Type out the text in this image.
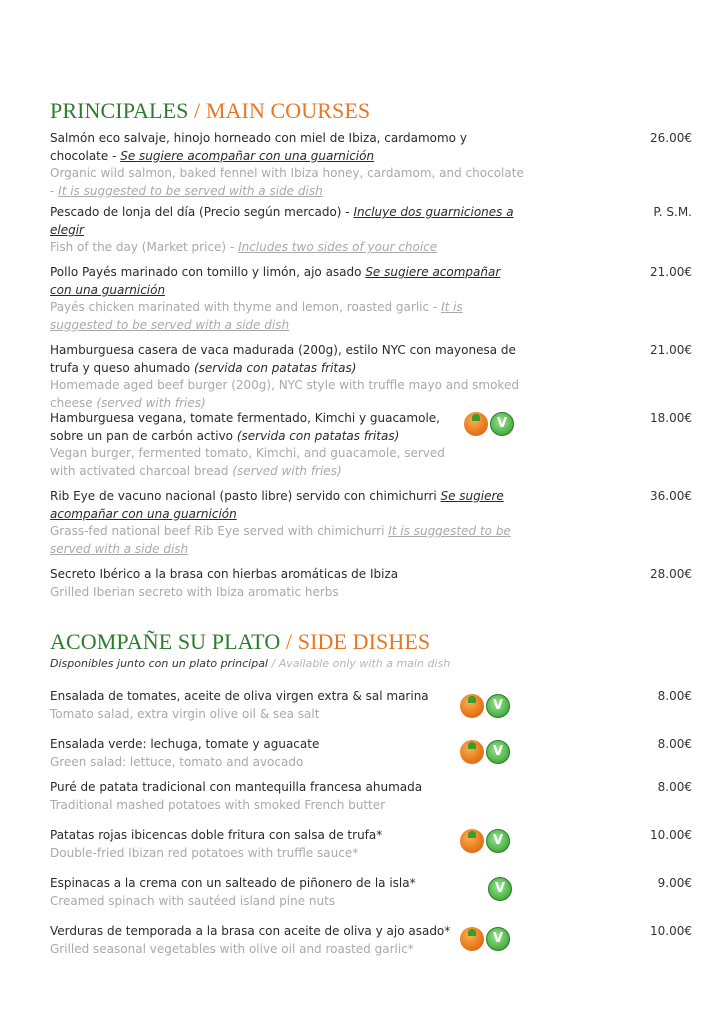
PRINCIPALES / MAIN COURSES
Salmón eco salvaje, hinojo horneado con miel de Ibiza, cardamomo y chocolate - Se sugiere acompañar con una guarnición
Organic wild salmon, baked fennel with Ibiza honey, cardamom, and chocolate - It is suggested to be served with a side dish
26.00€
Pescado de lonja del día (Precio según mercado) - Incluye dos guarniciones a elegir
Fish of the day (Market price) - Includes two sides of your choice
P. S.M.
Pollo Payés marinado con tomillo y limón, ajo asado Se sugiere acompañar con una guarnición
Payés chicken marinated with thyme and lemon, roasted garlic - It is suggested to be served with a side dish
21.00€
Hamburguesa casera de vaca madurada (200g), estilo NYC con mayonesa de trufa y queso ahumado (servida con patatas fritas)
Homemade aged beef burger (200g), NYC style with truffle mayo and smoked cheese (served with fries)
21.00€
Hamburguesa vegana, tomate fermentado, Kimchi y guacamole, sobre un pan de carbón activo (servida con patatas fritas)
Vegan burger, fermented tomato, Kimchi, and guacamole, served with activated charcoal bread (served with fries)
V	18.00€
Rib Eye de vacuno nacional (pasto libre) servido con chimichurri Se sugiere acompañar con una guarnición
Grass-fed national beef Rib Eye served with chimichurri It is suggested to be served with a side dish
36.00€
Secreto Ibérico a la brasa con hierbas aromáticas de Ibiza
Grilled Iberian secreto with Ibiza aromatic herbs
28.00€
ACOMPAÑE SU PLATO / SIDE DISHES
Disponibles junto con un plato principal / Available only with a main dish
Ensalada de tomates, aceite de oliva virgen extra & sal marina
Tomato salad, extra virgin olive oil & sea salt
V
8.00€
Ensalada verde: lechuga, tomate y aguacate
Green salad: lettuce, tomato and avocado
V	8.00€
Puré de patata tradicional con mantequilla francesa ahumada
Traditional mashed potatoes with smoked French butter
8.00€
Patatas rojas ibicencas doble fritura con salsa de trufa*
Double-fried Ibizan red potatoes with truffle sauce*
V	10.00€
Espinacas a la crema con un salteado de piñonero de la isla*
Creamed spinach with sautéed island pine nuts
V	9.00€
Verduras de temporada a la brasa con aceite de oliva y ajo asado*
Grilled seasonal vegetables with olive oil and roasted garlic*
V	10.00€
